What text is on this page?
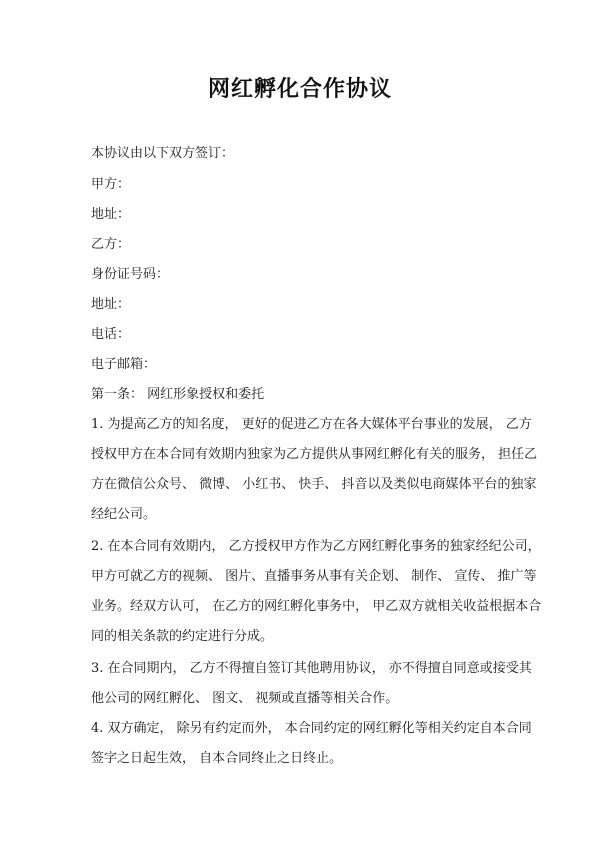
网红孵化合作协议
本协议由以下双方签订：
甲方：
地址：
乙方：
身份证号码：
地址：
电话：
电子邮箱：
第一条： 网红形象授权和委托
1. 为提高乙方的知名度， 更好的促进乙方在各大媒体平台事业的发展， 乙方
授权甲方在本合同有效期内独家为乙方提供从事网红孵化有关的服务， 担任乙
方在微信公众号、 微博、 小红书、 快手、 抖音以及类似电商媒体平台的独家
经纪公司。
2. 在本合同有效期内， 乙方授权甲方作为乙方网红孵化事务的独家经纪公司，
甲方可就乙方的视频、 图片、直播事务从事有关企划、 制作、 宣传、 推广等
业务。经双方认可， 在乙方的网红孵化事务中， 甲乙双方就相关收益根据本合
同的相关条款的约定进行分成。
3. 在合同期内， 乙方不得擅自签订其他聘用协议， 亦不得擅自同意或接受其
他公司的网红孵化、 图文、 视频或直播等相关合作。
4. 双方确定， 除另有约定而外， 本合同约定的网红孵化等相关约定自本合同
签字之日起生效， 自本合同终止之日终止。
